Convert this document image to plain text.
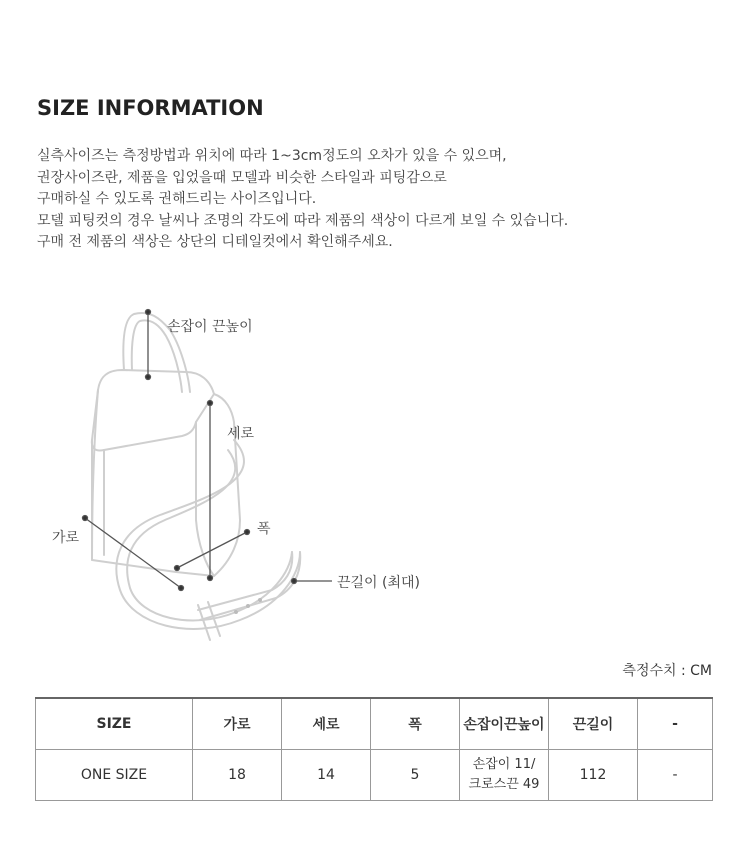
SIZE INFORMATION
실측사이즈는 측정방법과 위치에 따라 1~3cm정도의 오차가 있을 수 있으며,
권장사이즈란, 제품을 입었을때 모델과 비슷한 스타일과 피팅감으로
구매하실 수 있도록 권해드리는 사이즈입니다.
모델 피팅컷의 경우 날씨나 조명의 각도에 따라 제품의 색상이 다르게 보일 수 있습니다.
구매 전 제품의 색상은 상단의 디테일컷에서 확인해주세요.
손잡이 끈높이
세로
폭
가로
끈길이 (최대)
측정수치 : CM
SIZE	가로	세로	폭	손잡이끈높이	끈길이	-
ONE SIZE	18	14	5	손잡이 11/
크로스끈 49	112	-
